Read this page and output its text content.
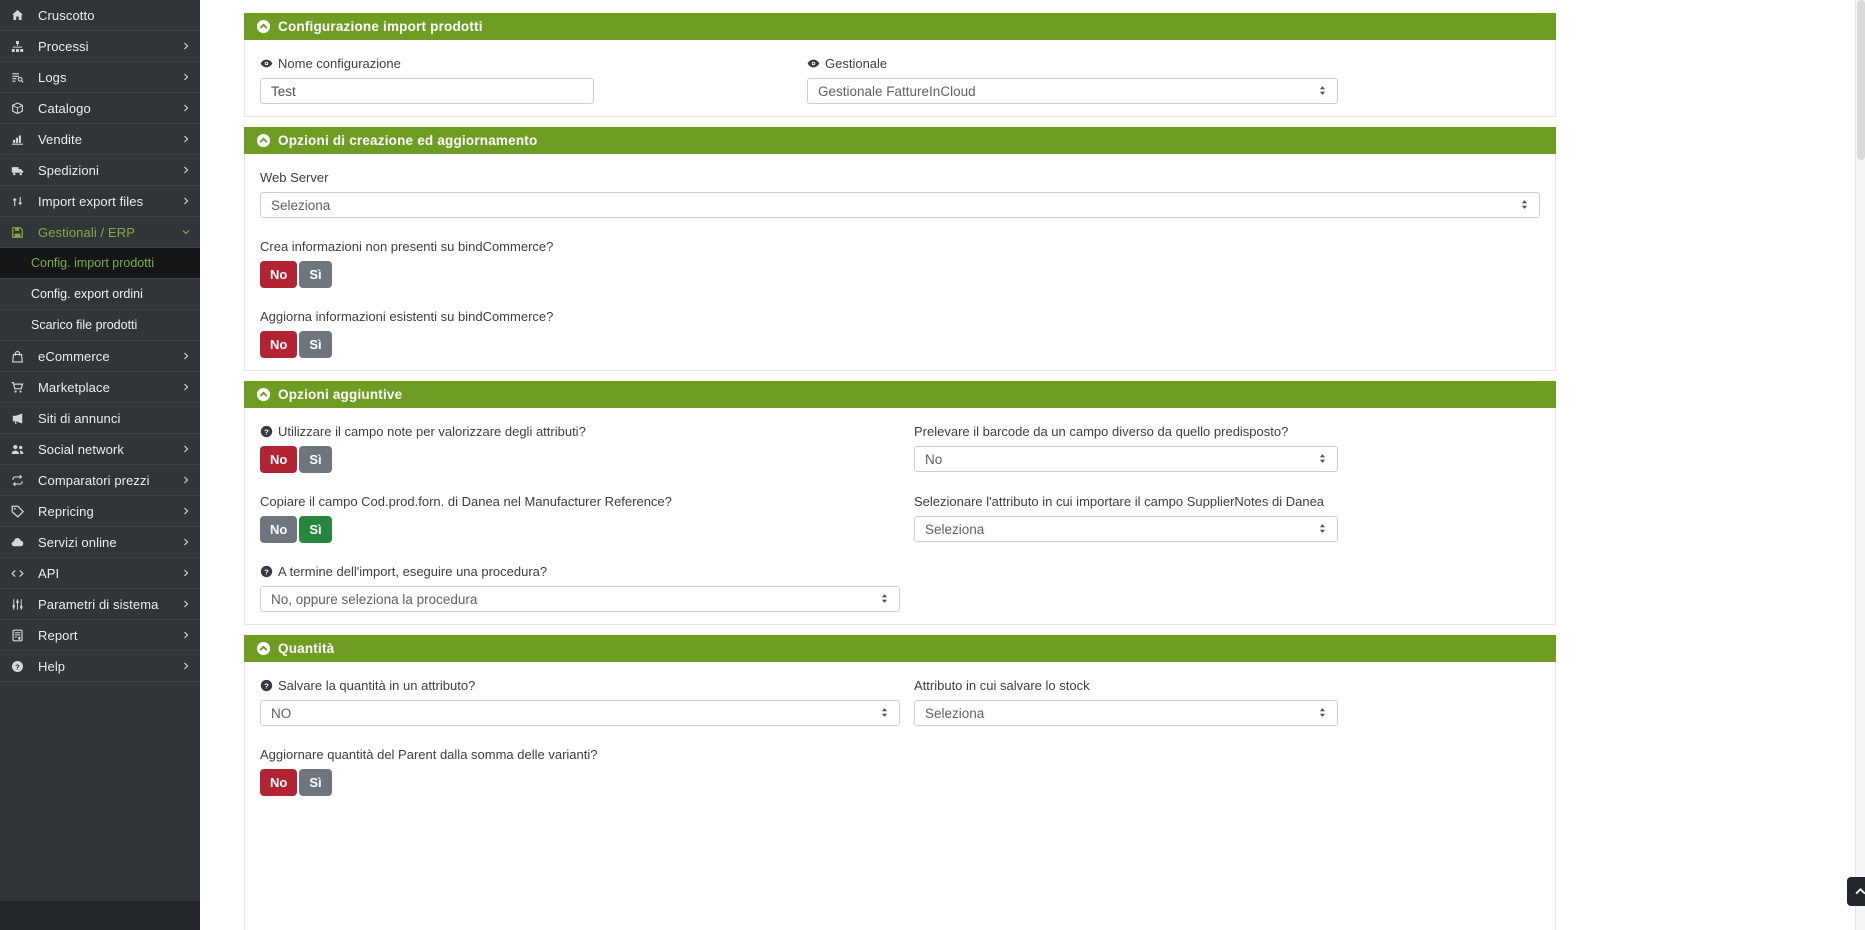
Cruscotto
Processi
Logs
Catalogo
Vendite
Spedizioni
Import export files
Gestionali / ERP
Config. import prodotti
Config. export ordini
Scarico file prodotti
eCommerce
Marketplace
Siti di annunci
Social network
Comparatori prezzi
Repricing
Servizi online
API
Parametri di sistema
Report
? Help
Configurazione import prodotti
Nome configurazione
Test	Gestionale
Gestionale FattureInCloud
Opzioni di creazione ed aggiornamento
Web Server
Seleziona
Crea informazioni non presenti su bindCommerce?
No	Sì
Aggiorna informazioni esistenti su bindCommerce?
No	Sì
Opzioni aggiuntive
? Utilizzare il campo note per valorizzare degli attributi?
No	Sì
Prelevare il barcode da un campo diverso da quello predisposto?
No
Copiare il campo Cod.prod.forn. di Danea nel Manufacturer Reference?
No	Sì
Selezionare l'attributo in cui importare il campo SupplierNotes di Danea
Seleziona
? A termine dell'import, eseguire una procedura?
No, oppure seleziona la procedura
Quantità
? Salvare la quantità in un attributo?
NO
Attributo in cui salvare lo stock
Seleziona
Aggiornare quantità del Parent dalla somma delle varianti?
No	Sì
